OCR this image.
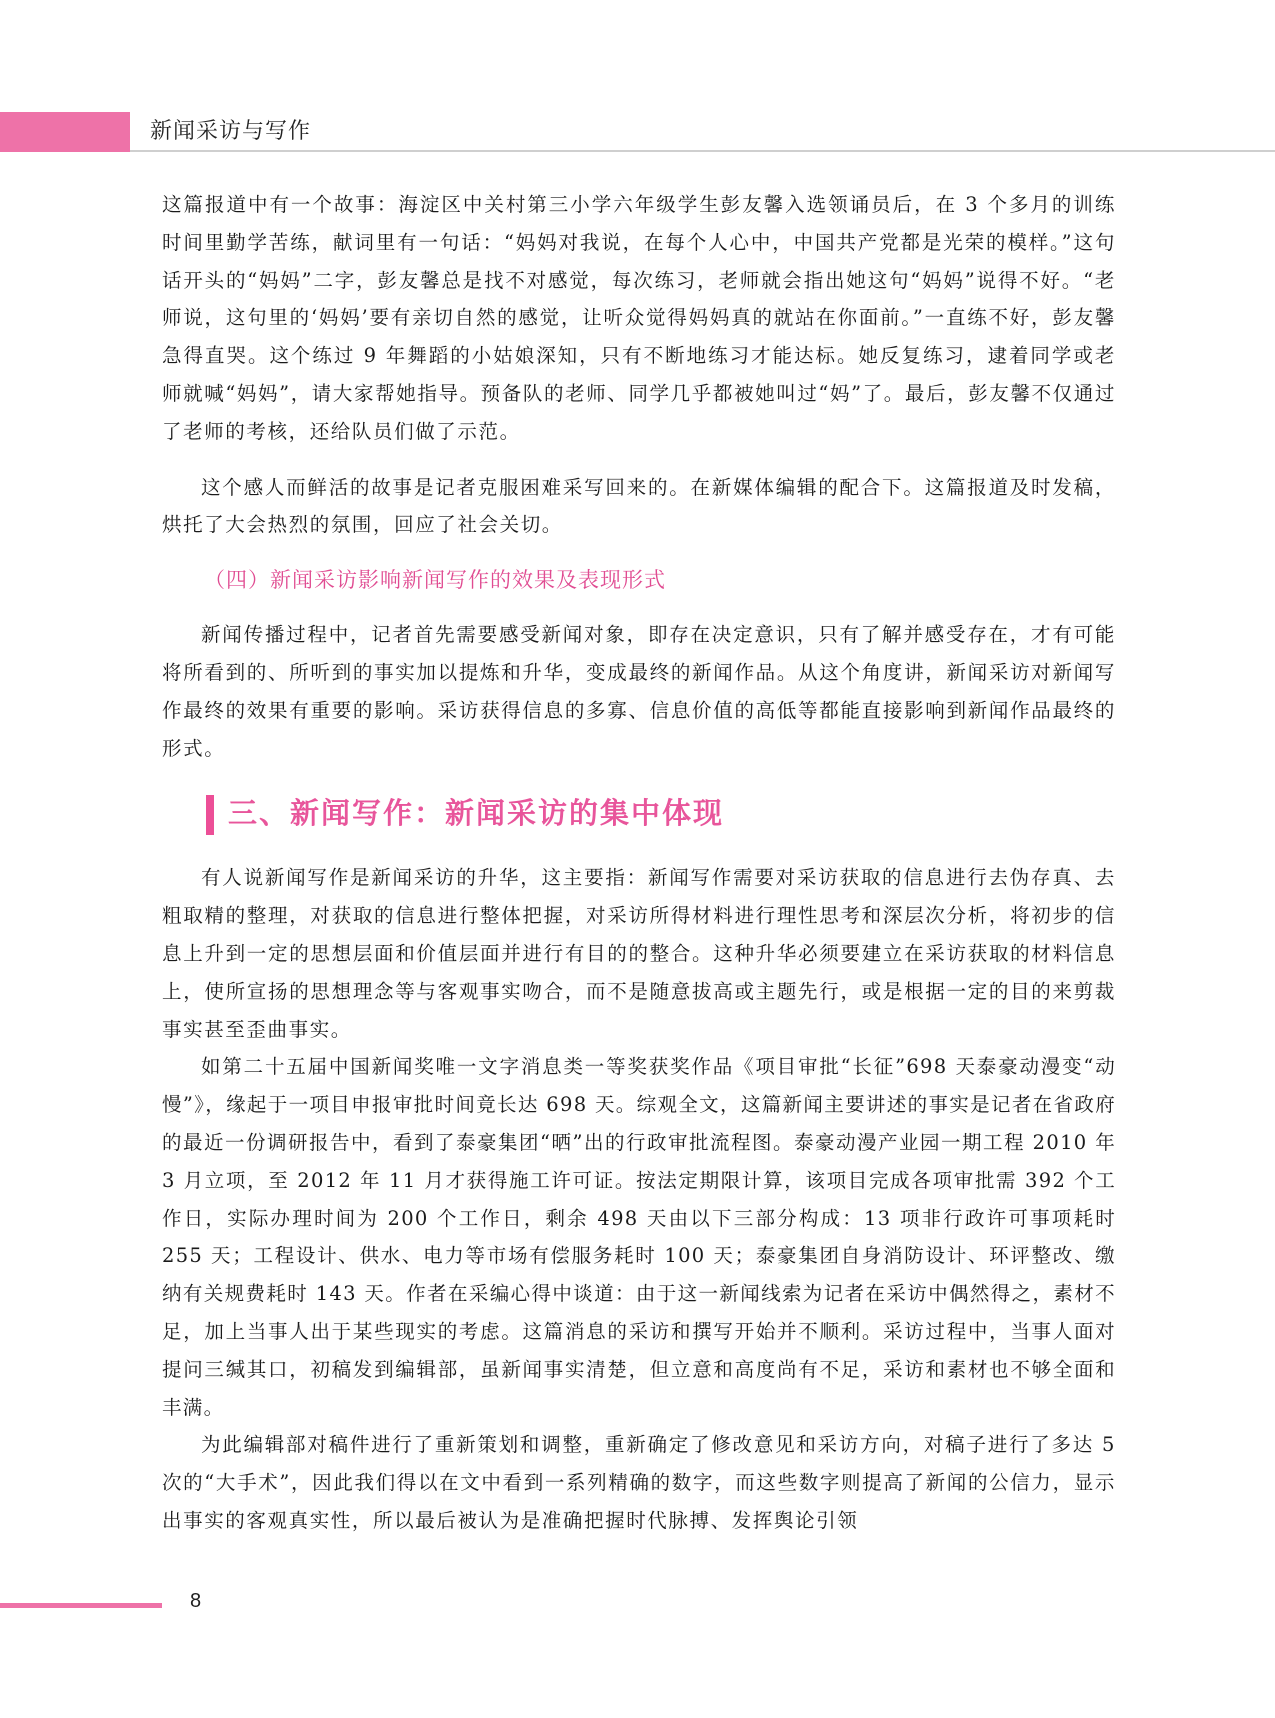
新闻采访与写作

这篇报道中有一个故事：海淀区中关村第三小学六年级学生彭友馨入选领诵员后，在 3 个多月的训练时间里勤学苦练，献词里有一句话：“妈妈对我说，在每个人心中，中国共产党都是光荣的模样。”这句话开头的“妈妈”二字，彭友馨总是找不对感觉，每次练习，老师就会指出她这句“妈妈”说得不好。“老师说，这句里的‘妈妈’要有亲切自然的感觉，让听众觉得妈妈真的就站在你面前。”一直练不好，彭友馨急得直哭。这个练过 9 年舞蹈的小姑娘深知，只有不断地练习才能达标。她反复练习，逮着同学或老师就喊“妈妈”，请大家帮她指导。预备队的老师、同学几乎都被她叫过“妈”了。最后，彭友馨不仅通过了老师的考核，还给队员们做了示范。

这个感人而鲜活的故事是记者克服困难采写回来的。在新媒体编辑的配合下。这篇报道及时发稿，烘托了大会热烈的氛围，回应了社会关切。

（四）新闻采访影响新闻写作的效果及表现形式

新闻传播过程中，记者首先需要感受新闻对象，即存在决定意识，只有了解并感受存在，才有可能将所看到的、所听到的事实加以提炼和升华，变成最终的新闻作品。从这个角度讲，新闻采访对新闻写作最终的效果有重要的影响。采访获得信息的多寡、信息价值的高低等都能直接影响到新闻作品最终的形式。

三、新闻写作：新闻采访的集中体现

有人说新闻写作是新闻采访的升华，这主要指：新闻写作需要对采访获取的信息进行去伪存真、去粗取精的整理，对获取的信息进行整体把握，对采访所得材料进行理性思考和深层次分析，将初步的信息上升到一定的思想层面和价值层面并进行有目的的整合。这种升华必须要建立在采访获取的材料信息上，使所宣扬的思想理念等与客观事实吻合，而不是随意拔高或主题先行，或是根据一定的目的来剪裁事实甚至歪曲事实。

如第二十五届中国新闻奖唯一文字消息类一等奖获奖作品《项目审批“长征”698 天泰豪动漫变“动慢”》，缘起于一项目申报审批时间竟长达 698 天。综观全文，这篇新闻主要讲述的事实是记者在省政府的最近一份调研报告中，看到了泰豪集团“晒”出的行政审批流程图。泰豪动漫产业园一期工程 2010 年 3 月立项，至 2012 年 11 月才获得施工许可证。按法定期限计算，该项目完成各项审批需 392 个工作日，实际办理时间为 200 个工作日，剩余 498 天由以下三部分构成：13 项非行政许可事项耗时 255 天；工程设计、供水、电力等市场有偿服务耗时 100 天；泰豪集团自身消防设计、环评整改、缴纳有关规费耗时 143 天。作者在采编心得中谈道：由于这一新闻线索为记者在采访中偶然得之，素材不足，加上当事人出于某些现实的考虑。这篇消息的采访和撰写开始并不顺利。采访过程中，当事人面对提问三缄其口，初稿发到编辑部，虽新闻事实清楚，但立意和高度尚有不足，采访和素材也不够全面和丰满。

为此编辑部对稿件进行了重新策划和调整，重新确定了修改意见和采访方向，对稿子进行了多达 5 次的“大手术”，因此我们得以在文中看到一系列精确的数字，而这些数字则提高了新闻的公信力，显示出事实的客观真实性，所以最后被认为是准确把握时代脉搏、发挥舆论引领

8
